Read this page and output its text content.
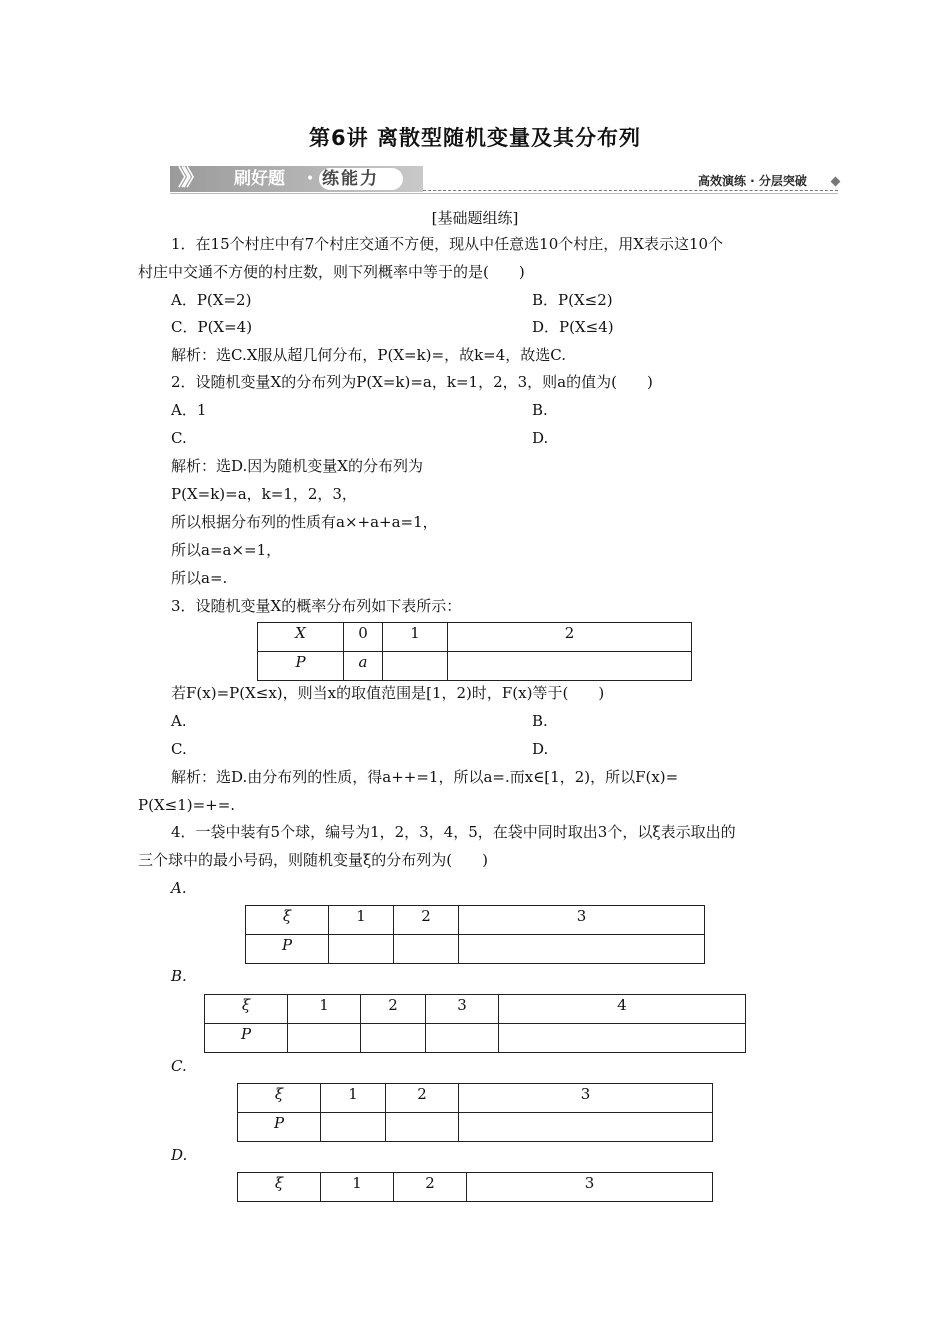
第6讲 离散型随机变量及其分布列
》》 刷好题 • 练能力	高效演练 · 分层突破
[基础题组练]
1．在15个村庄中有7个村庄交通不方便，现从中任意选10个村庄，用X表示这10个
村庄中交通不方便的村庄数，则下列概率中等于的是(　　)
A．P(X=2)	B．P(X≤2)
C．P(X=4)	D．P(X≤4)
解析：选C.X服从超几何分布，P(X=k)=，故k=4，故选C.
2．设随机变量X的分布列为P(X=k)=a，k=1，2，3，则a的值为(　　)
A．1	B.
C.	D.
解析：选D.因为随机变量X的分布列为
P(X=k)=a，k=1，2，3，
所以根据分布列的性质有a×+a+a=1，
所以a=a×=1，
所以a=.
3．设随机变量X的概率分布列如下表所示：
X	0	1	2
P	a		
若F(x)=P(X≤x)，则当x的取值范围是[1，2)时，F(x)等于(　　)
A.	B.
C.	D.
解析：选D.由分布列的性质，得a++=1，所以a=.而x∈[1，2)，所以F(x)=
P(X≤1)=+=.
4．一袋中装有5个球，编号为1，2，3，4，5，在袋中同时取出3个，以ξ表示取出的
三个球中的最小号码，则随机变量ξ的分布列为(　　)
A.
ξ	1	2	3
P			
B.
ξ	1	2	3	4
P				
C.
ξ	1	2	3
P			
D.
ξ	1	2	3
